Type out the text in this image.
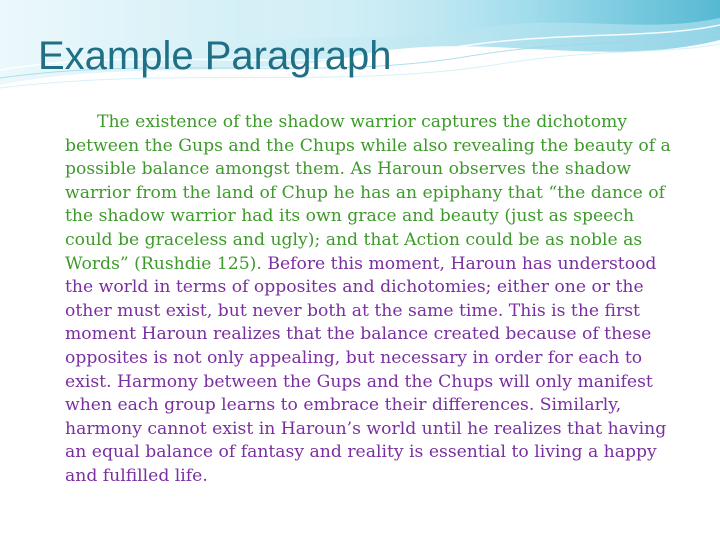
Example Paragraph

The existence of the shadow warrior captures the dichotomy between the Gups and the Chups while also revealing the beauty of a possible balance amongst them. As Haroun observes the shadow warrior from the land of Chup he has an epiphany that “the dance of the shadow warrior had its own grace and beauty (just as speech could be graceless and ugly); and that Action could be as noble as Words” (Rushdie 125). Before this moment, Haroun has understood the world in terms of opposites and dichotomies; either one or the other must exist, but never both at the same time. This is the first moment Haroun realizes that the balance created because of these opposites is not only appealing, but necessary in order for each to exist. Harmony between the Gups and the Chups will only manifest when each group learns to embrace their differences. Similarly, harmony cannot exist in Haroun’s world until he realizes that having an equal balance of fantasy and reality is essential to living a happy and fulfilled life.
